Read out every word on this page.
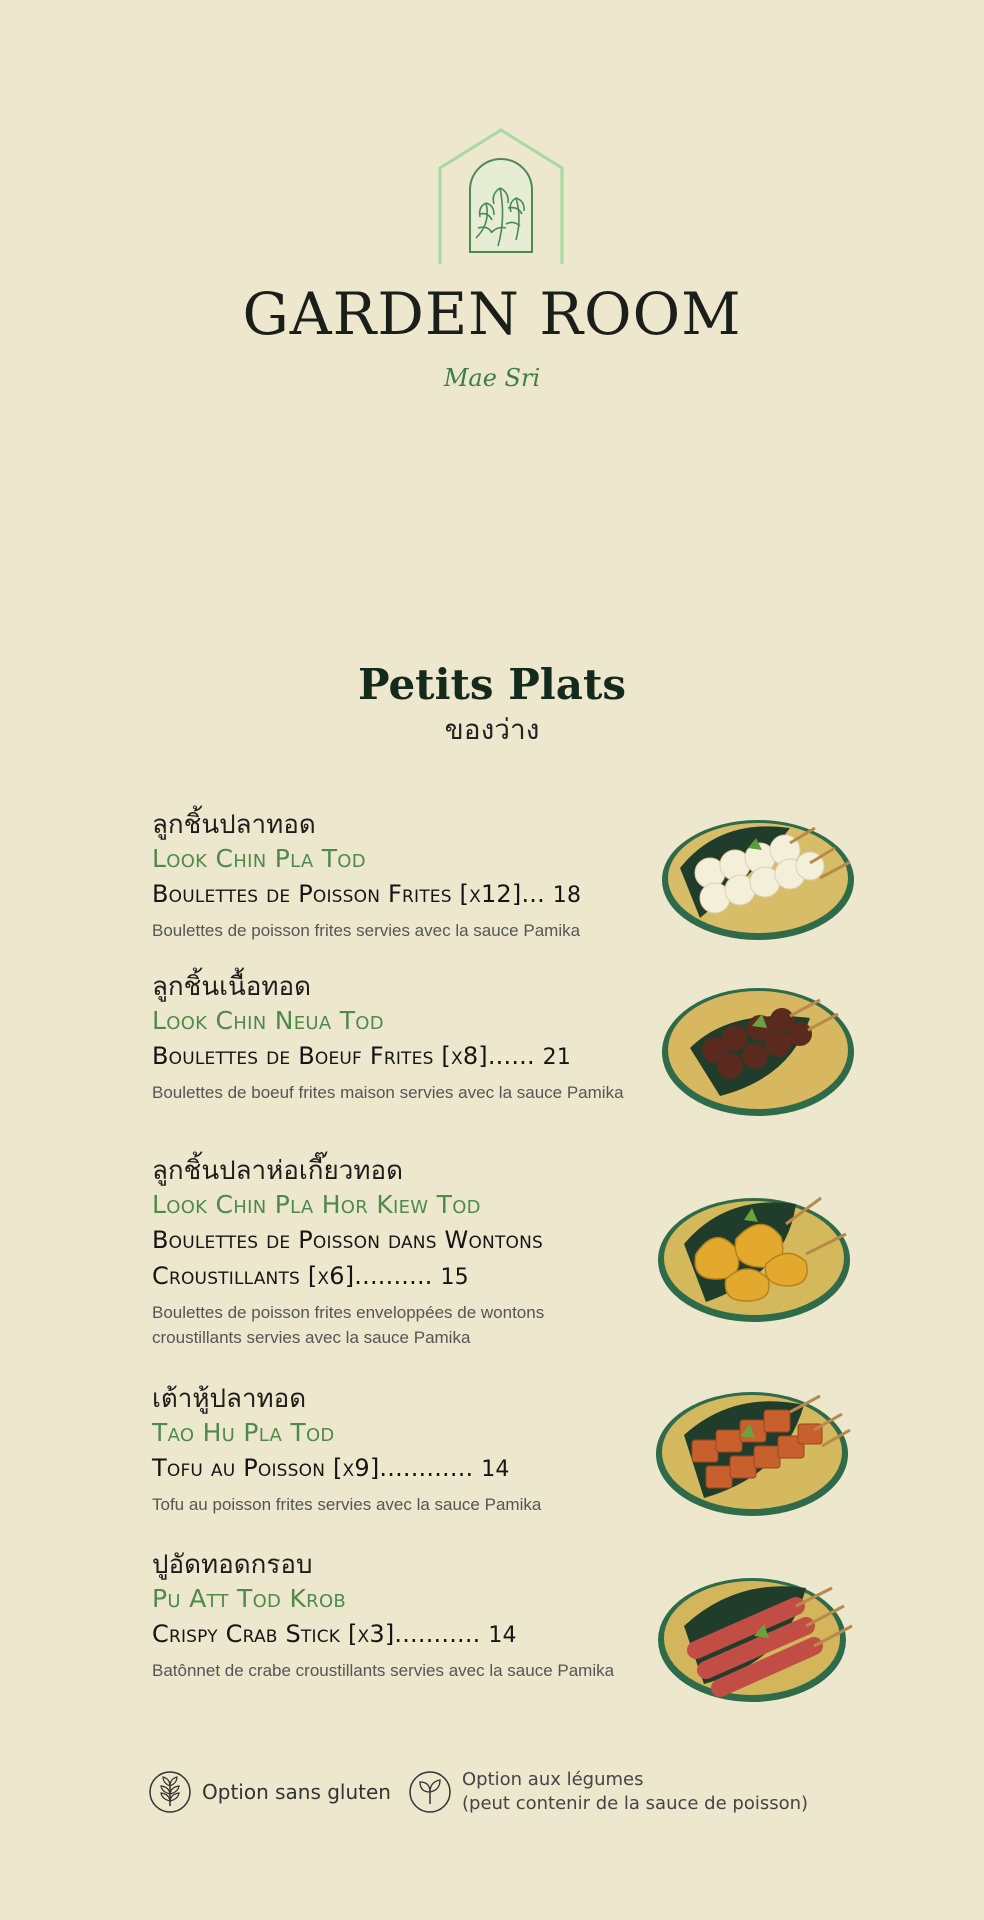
GARDEN ROOM
Mae Sri
Petits Plats
ของว่าง
ลูกชิ้นปลาทอด
Look Chin Pla Tod
Boulettes de Poisson Frites [x12]... 18
Boulettes de poisson frites servies avec la sauce Pamika
ลูกชิ้นเนื้อทอด
Look Chin Neua Tod
Boulettes de Boeuf Frites [x8]...... 21
Boulettes de boeuf frites maison servies avec la sauce Pamika
ลูกชิ้นปลาห่อเกี๊ยวทอด
Look Chin Pla Hor Kiew Tod
Boulettes de Poisson dans Wontons Croustillants [x6].......... 15
Boulettes de poisson frites enveloppées de wontons croustillants servies avec la sauce Pamika
เต้าหู้ปลาทอด
Tao Hu Pla Tod
Tofu au Poisson [x9]............ 14
Tofu au poisson frites servies avec la sauce Pamika
ปูอัดทอดกรอบ
Pu Att Tod Krob
Crispy Crab Stick [x3]........... 14
Batônnet de crabe croustillants servies avec la sauce Pamika
Option sans gluten
Option aux légumes
(peut contenir de la sauce de poisson)
